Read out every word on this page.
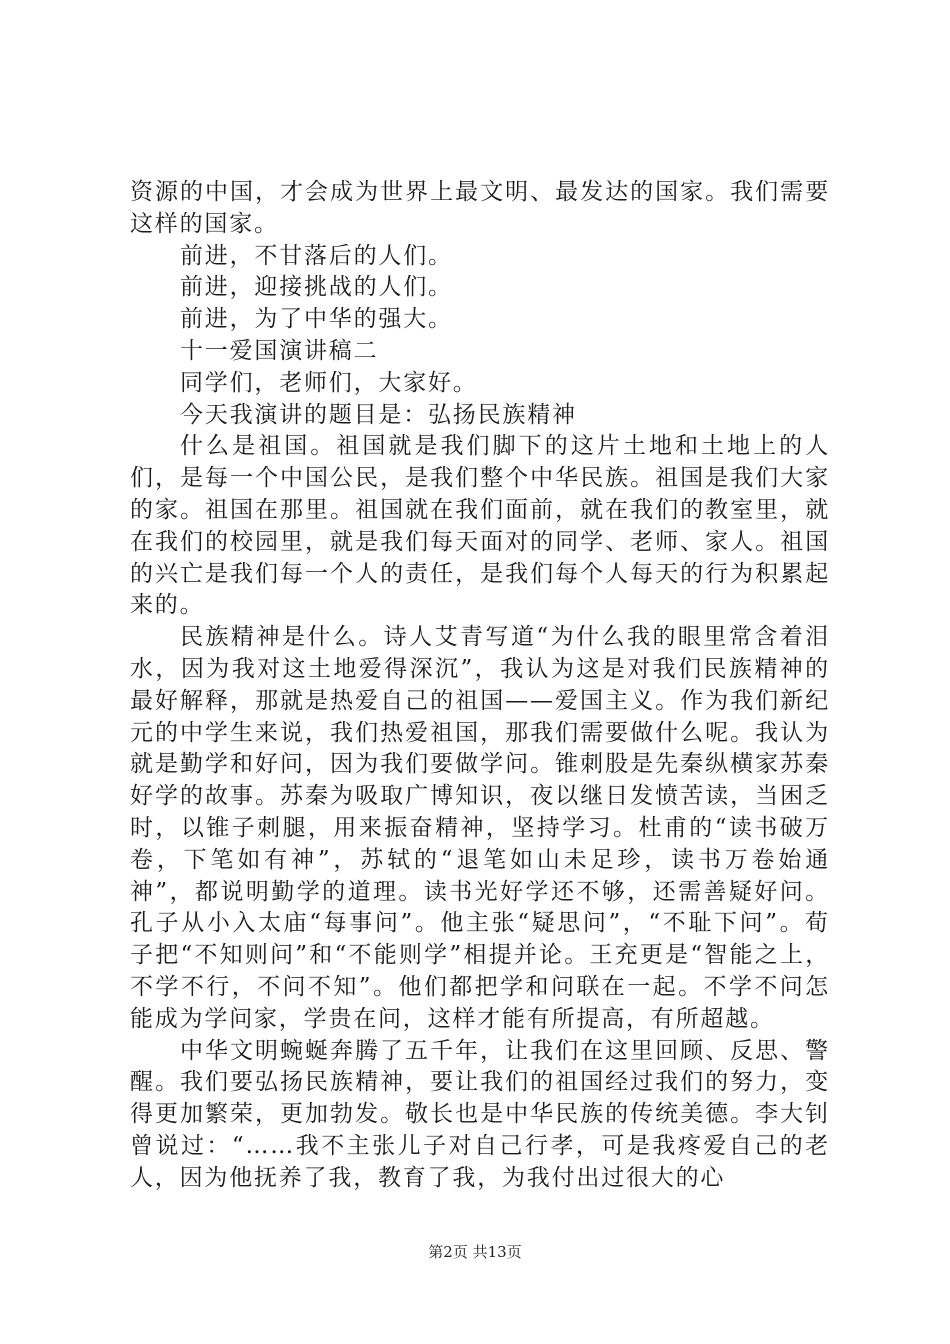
资源的中国，才会成为世界上最文明、最发达的国家。我们需要这样的国家。

前进，不甘落后的人们。

前进，迎接挑战的人们。

前进，为了中华的强大。

十一爱国演讲稿二

同学们，老师们，大家好。

今天我演讲的题目是：弘扬民族精神

什么是祖国。祖国就是我们脚下的这片土地和土地上的人们，是每一个中国公民，是我们整个中华民族。祖国是我们大家的家。祖国在那里。祖国就在我们面前，就在我们的教室里，就在我们的校园里，就是我们每天面对的同学、老师、家人。祖国的兴亡是我们每一个人的责任，是我们每个人每天的行为积累起来的。

民族精神是什么。诗人艾青写道“为什么我的眼里常含着泪水，因为我对这土地爱得深沉”，我认为这是对我们民族精神的最好解释，那就是热爱自己的祖国——爱国主义。作为我们新纪元的中学生来说，我们热爱祖国，那我们需要做什么呢。我认为就是勤学和好问，因为我们要做学问。锥刺股是先秦纵横家苏秦好学的故事。苏秦为吸取广博知识，夜以继日发愤苦读，当困乏时，以锥子刺腿，用来振奋精神，坚持学习。杜甫的“读书破万卷，下笔如有神”，苏轼的“退笔如山未足珍，读书万卷始通神”，都说明勤学的道理。读书光好学还不够，还需善疑好问。孔子从小入太庙“每事问”。他主张“疑思问”，“不耻下问”。荀子把“不知则问”和“不能则学”相提并论。王充更是“智能之上，不学不行，不问不知”。他们都把学和问联在一起。不学不问怎能成为学问家，学贵在问，这样才能有所提高，有所超越。

中华文明蜿蜒奔腾了五千年，让我们在这里回顾、反思、警醒。我们要弘扬民族精神，要让我们的祖国经过我们的努力，变得更加繁荣，更加勃发。敬长也是中华民族的传统美德。李大钊曾说过：“……我不主张儿子对自己行孝，可是我疼爱自己的老人，因为他抚养了我，教育了我，为我付出过很大的心

第2页 共13页
